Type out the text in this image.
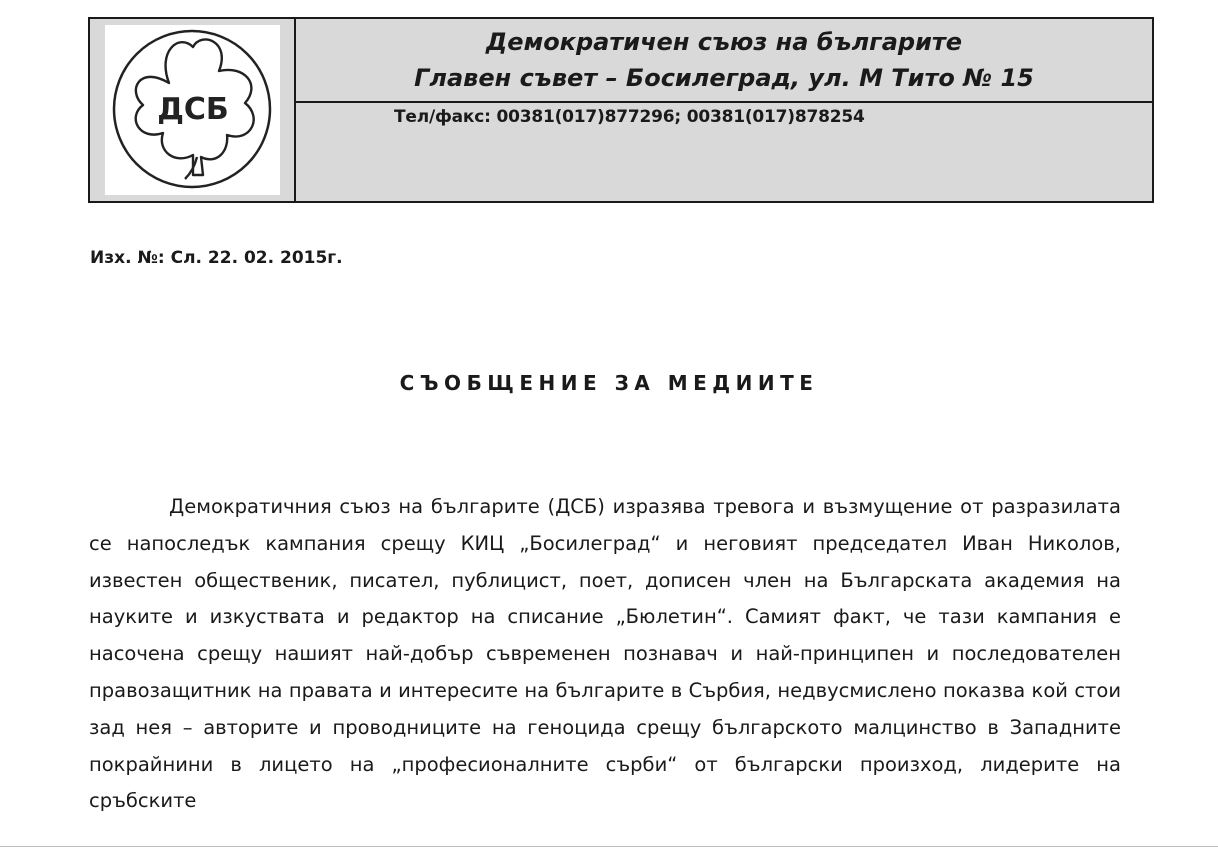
ДСБ
Демократичен съюз на българите
Главен съвет – Босилеград, ул. М Тито № 15
Тел/факс: 00381(017)877296; 00381(017)878254
Изх. №: Сл. 22. 02. 2015г.
СЪОБЩЕНИЕ ЗА МЕДИИТЕ

Демократичния съюз на българите (ДСБ) изразява тревога и възмущение от разразилата се напоследък кампания срещу КИЦ „Босилеград“ и неговият председател Иван Николов, известен общественик, писател, публицист, поет, дописен член на Българската академия на науките и изкуствата и редактор на списание „Бюлетин“. Самият факт, че тази кампания е насочена срещу нашият най-добър съвременен познавач и най-принципен и последователен правозащитник на правата и интересите на българите в Сърбия, недвусмислено показва кой стои зад нея – авторите и проводниците на геноцида срещу българското малцинство в Западните покрайнини в лицето на „професионалните сърби“ от български произход, лидерите на сръбските
